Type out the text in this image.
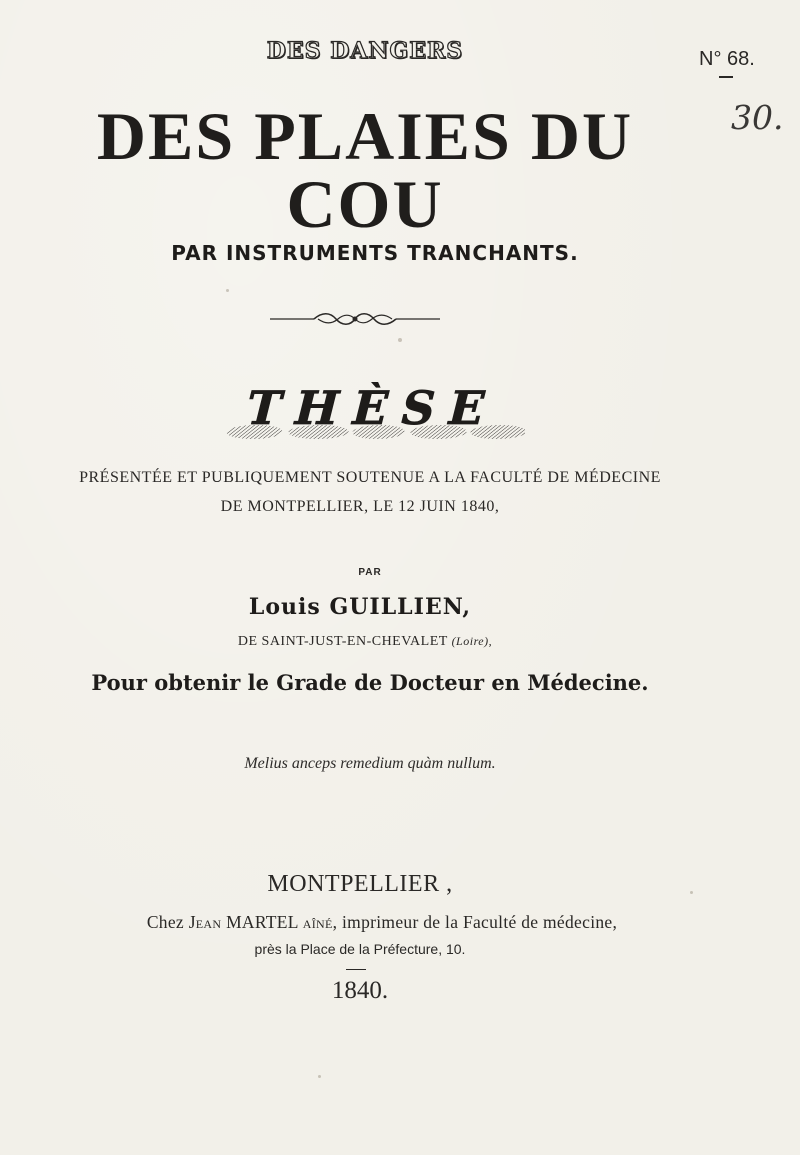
DES DANGERS	N° 68.
30.
DES PLAIES DU COU
PAR INSTRUMENTS TRANCHANTS.
THÈSE
PRÉSENTÉE ET PUBLIQUEMENT SOUTENUE A LA FACULTÉ DE MÉDECINE
DE MONTPELLIER, LE 12 JUIN 1840,
PAR
Louis GUILLIEN,
DE SAINT-JUST-EN-CHEVALET (Loire),
Pour obtenir le Grade de Docteur en Médecine.
Melius anceps remedium quàm nullum.
MONTPELLIER ,
Chez Jean MARTEL aîné, imprimeur de la Faculté de médecine,
près la Place de la Préfecture, 10.
1840.
